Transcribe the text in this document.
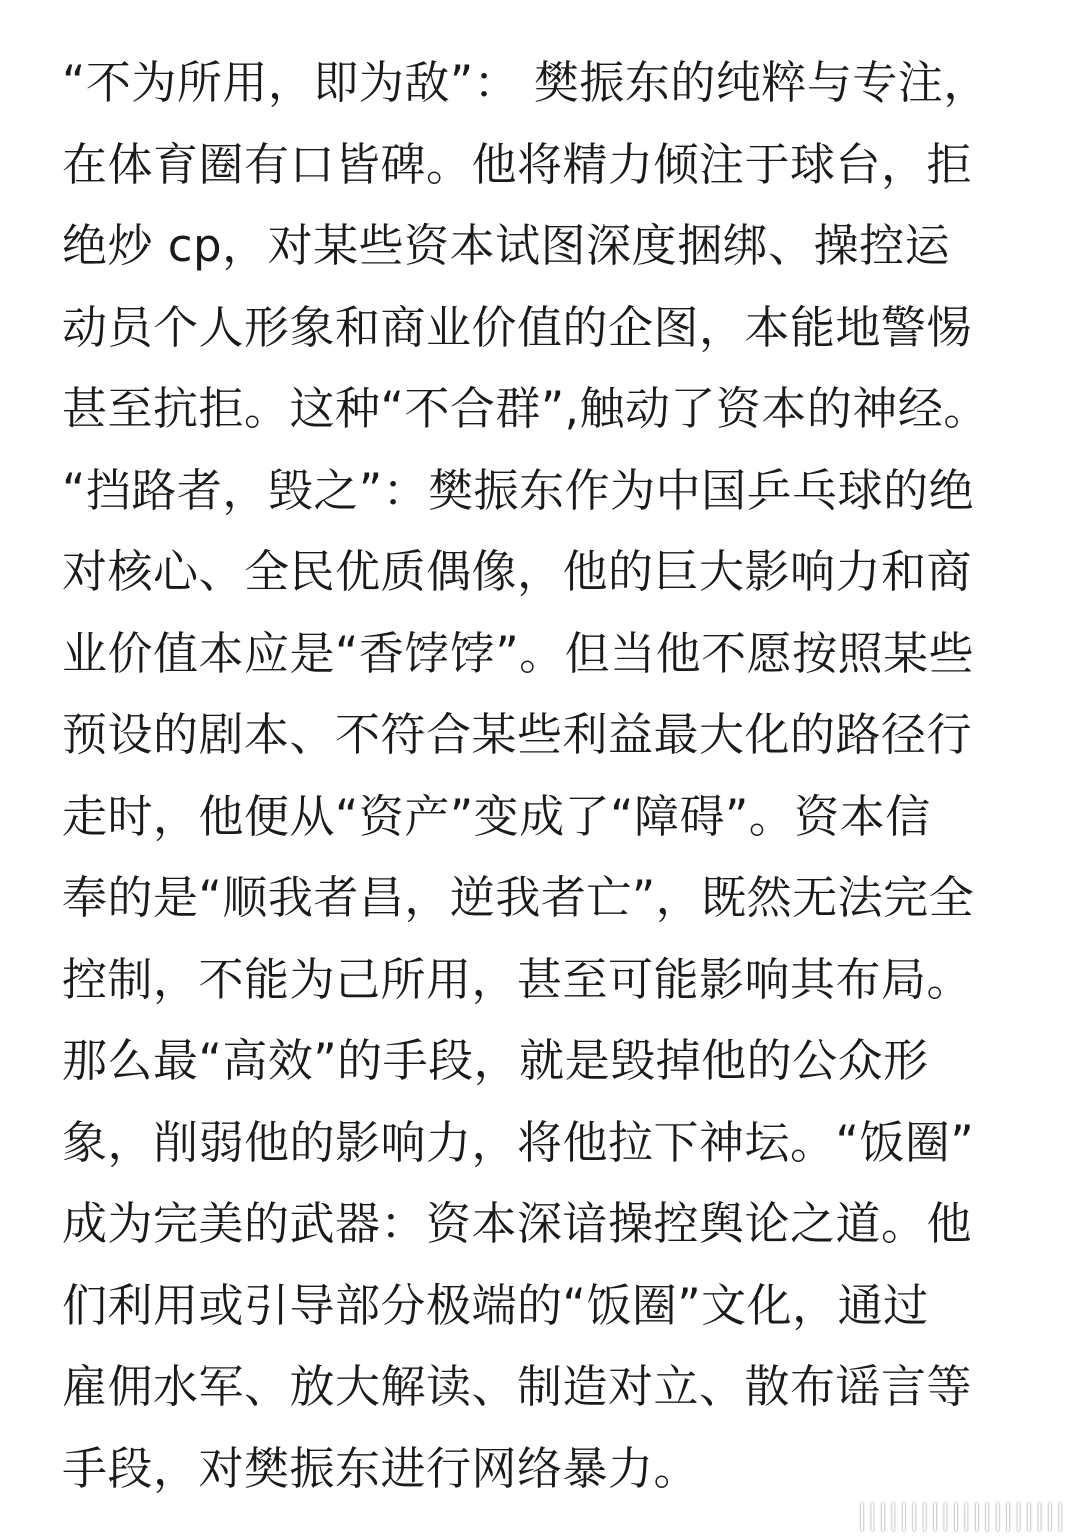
“不为所用，即为敌”： 樊振东的纯粹与专注，
在体育圈有口皆碑。他将精力倾注于球台，拒
绝炒 cp，对某些资本试图深度捆绑、操控运
动员个人形象和商业价值的企图，本能地警惕
甚至抗拒。这种“不合群”,触动了资本的神经。
“挡路者，毁之”：樊振东作为中国乒乓球的绝
对核心、全民优质偶像，他的巨大影响力和商
业价值本应是“香饽饽”。但当他不愿按照某些
预设的剧本、不符合某些利益最大化的路径行
走时，他便从“资产”变成了“障碍”。资本信
奉的是“顺我者昌，逆我者亡”，既然无法完全
控制，不能为己所用，甚至可能影响其布局。
那么最“高效”的手段，就是毁掉他的公众形
象，削弱他的影响力，将他拉下神坛。“饭圈”
成为完美的武器：资本深谙操控舆论之道。他
们利用或引导部分极端的“饭圈”文化，通过
雇佣水军、放大解读、制造对立、散布谣言等
手段，对樊振东进行网络暴力。
||||||||||||||||||||
